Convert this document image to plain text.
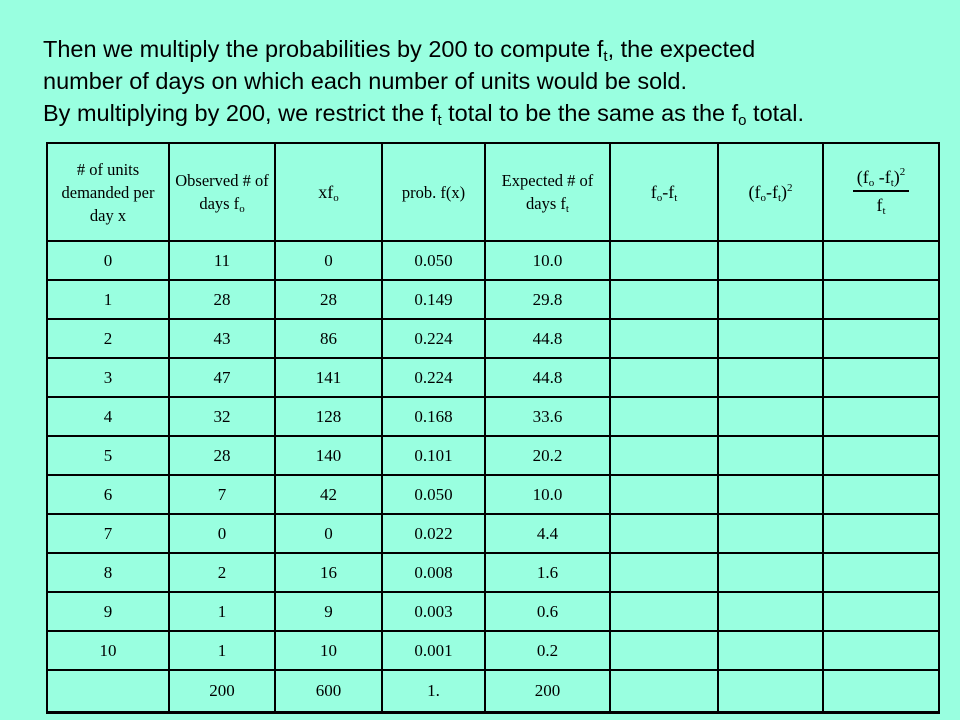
Then we multiply the probabilities by 200 to compute $f_t$, the expected

number of days on which each number of units would be sold.

By multiplying by 200, we restrict the $f_t$ total to be the same as the $f_o$ total.

# of units demanded per day x	Observed # of days $f_o$	$xf_o$	prob. f(x)	Expected # of days $f_t$	$f_o-f_t$	$(f_o-f_t)^2$	$\frac{(fo -ft)^2}{ft}$

0	11	0	0.050	10.0			
1	28	28	0.149	29.8			
2	43	86	0.224	44.8			
3	47	141	0.224	44.8			
4	32	128	0.168	33.6			
5	28	140	0.101	20.2			
6	7	42	0.050	10.0			
7	0	0	0.022	4.4			
8	2	16	0.008	1.6			
9	1	9	0.003	0.6			
10	1	10	0.001	0.2			
	200	600	1.	200			
